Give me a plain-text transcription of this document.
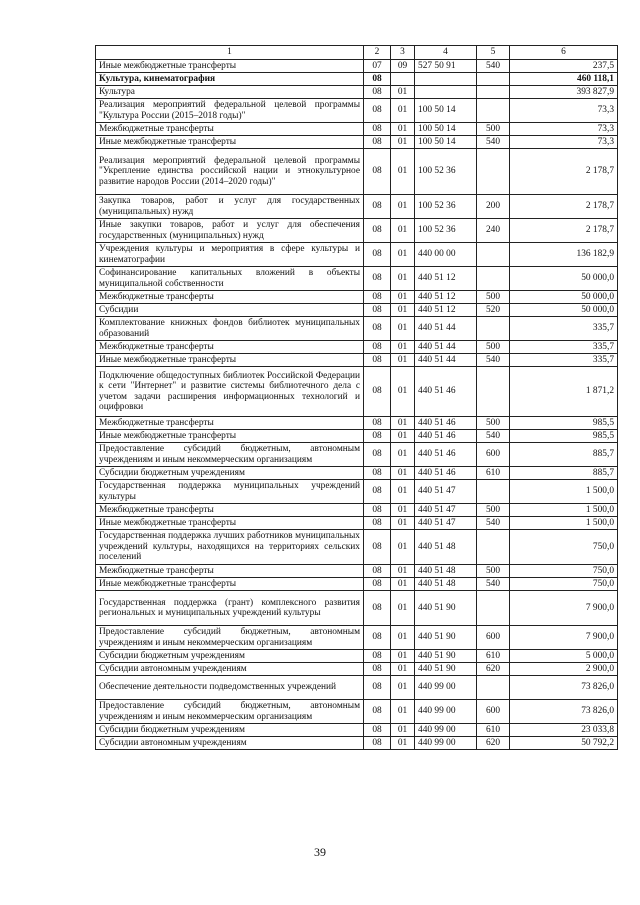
1	2	3	4	5	6
Иные межбюджетные трансферты	07	09	527 50 91	540	237,5
Культура, кинематография	08				460 118,1
Культура	08	01			393 827,9
Реализация мероприятий федеральной целевой программы "Культура России (2015–2018 годы)"	08	01	100 50 14		73,3
Межбюджетные трансферты	08	01	100 50 14	500	73,3
Иные межбюджетные трансферты	08	01	100 50 14	540	73,3
Реализация мероприятий федеральной целевой программы "Укрепление единства российской нации и этнокультурное развитие народов России (2014–2020 годы)"	08	01	100 52 36		2 178,7
Закупка товаров, работ и услуг для государственных (муниципальных) нужд	08	01	100 52 36	200	2 178,7
Иные закупки товаров, работ и услуг для обеспечения государственных (муниципальных) нужд	08	01	100 52 36	240	2 178,7
Учреждения культуры и мероприятия в сфере культуры и кинематографии	08	01	440 00 00		136 182,9
Софинансирование капитальных вложений в объекты муниципальной собственности	08	01	440 51 12		50 000,0
Межбюджетные трансферты	08	01	440 51 12	500	50 000,0
Субсидии	08	01	440 51 12	520	50 000,0
Комплектование книжных фондов библиотек муниципальных образований	08	01	440 51 44		335,7
Межбюджетные трансферты	08	01	440 51 44	500	335,7
Иные межбюджетные трансферты	08	01	440 51 44	540	335,7
Подключение общедоступных библиотек Российской Федерации к сети "Интернет" и развитие системы библиотечного дела с учетом задачи расширения информационных технологий и оцифровки	08	01	440 51 46		1 871,2
Межбюджетные трансферты	08	01	440 51 46	500	985,5
Иные межбюджетные трансферты	08	01	440 51 46	540	985,5
Предоставление субсидий бюджетным, автономным учреждениям и иным некоммерческим организациям	08	01	440 51 46	600	885,7
Субсидии бюджетным учреждениям	08	01	440 51 46	610	885,7
Государственная поддержка муниципальных учреждений культуры	08	01	440 51 47		1 500,0
Межбюджетные трансферты	08	01	440 51 47	500	1 500,0
Иные межбюджетные трансферты	08	01	440 51 47	540	1 500,0
Государственная поддержка лучших работников муниципальных учреждений культуры, находящихся на территориях сельских поселений	08	01	440 51 48		750,0
Межбюджетные трансферты	08	01	440 51 48	500	750,0
Иные межбюджетные трансферты	08	01	440 51 48	540	750,0
Государственная поддержка (грант) комплексного развития региональных и муниципальных учреждений культуры	08	01	440 51 90		7 900,0
Предоставление субсидий бюджетным, автономным учреждениям и иным некоммерческим организациям	08	01	440 51 90	600	7 900,0
Субсидии бюджетным учреждениям	08	01	440 51 90	610	5 000,0
Субсидии автономным учреждениям	08	01	440 51 90	620	2 900,0
Обеспечение деятельности подведомственных учреждений	08	01	440 99 00		73 826,0
Предоставление субсидий бюджетным, автономным учреждениям и иным некоммерческим организациям	08	01	440 99 00	600	73 826,0
Субсидии бюджетным учреждениям	08	01	440 99 00	610	23 033,8
Субсидии автономным учреждениям	08	01	440 99 00	620	50 792,2
39
